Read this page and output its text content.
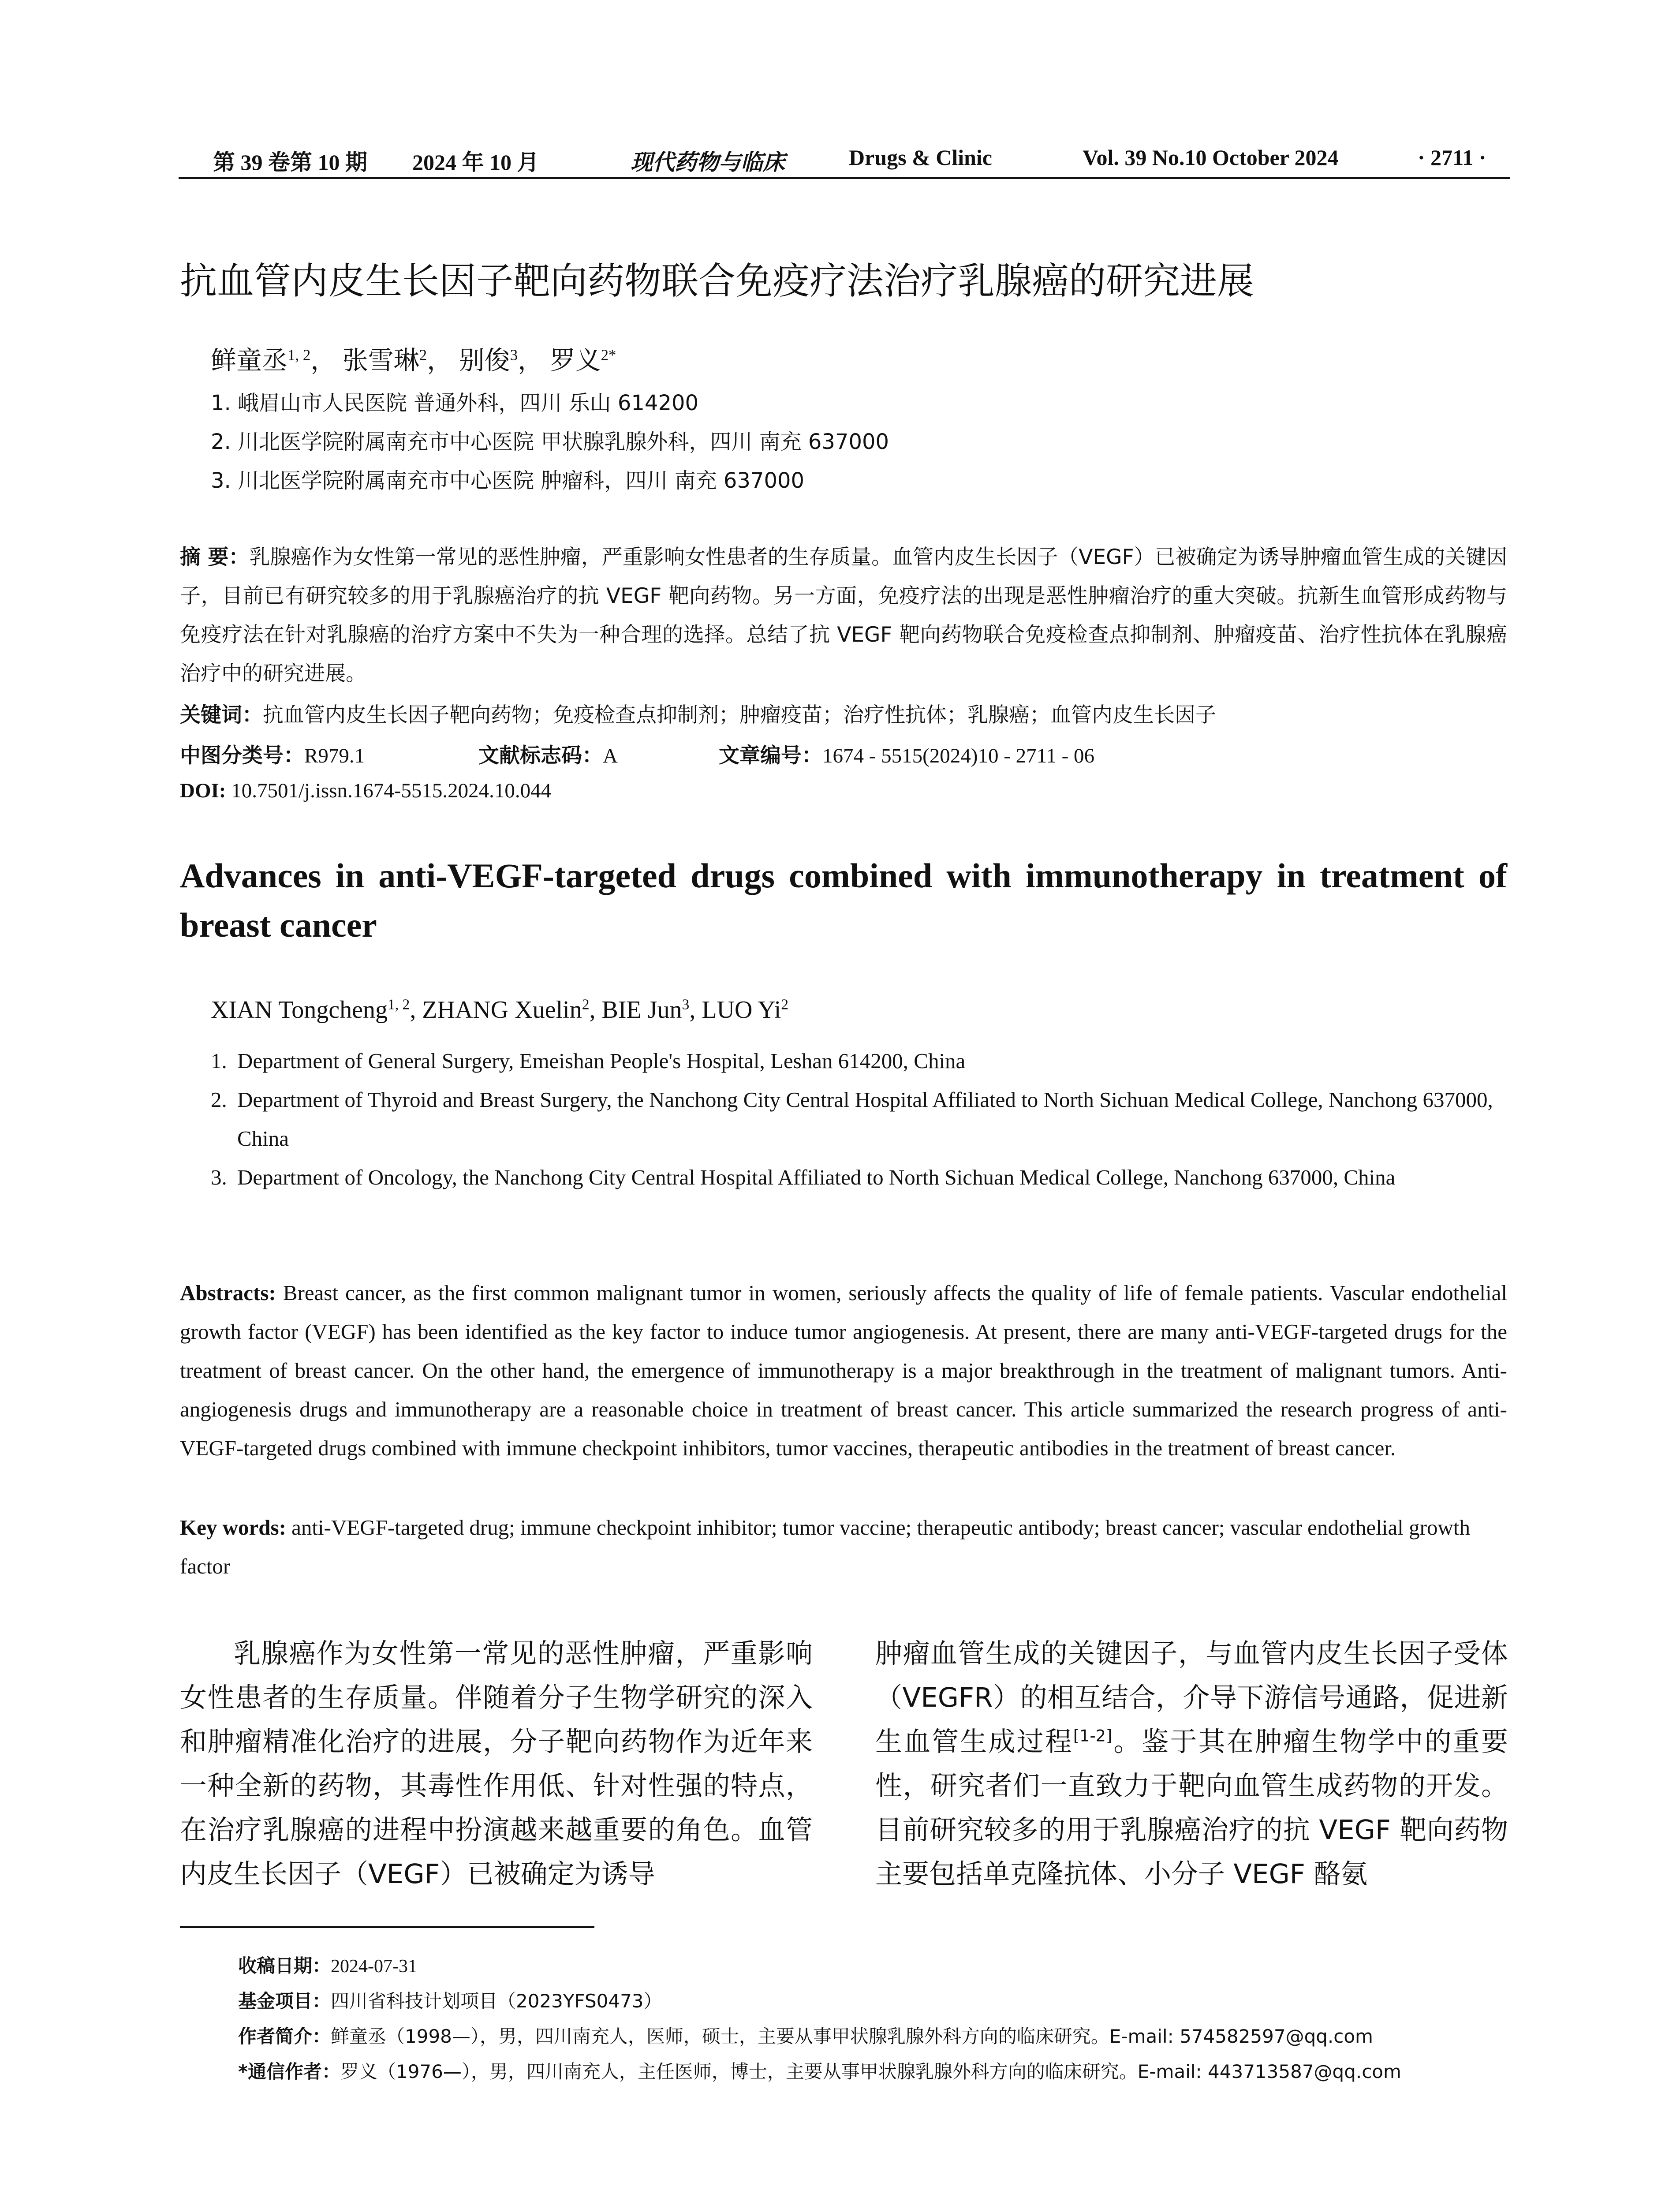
第 39 卷第 10 期 2024 年 10 月	现代药物与临床	Drugs & Clinic	Vol. 39 No.10 October 2024	· 2711 ·
抗血管内皮生长因子靶向药物联合免疫疗法治疗乳腺癌的研究进展
鲜童丞$^{1, 2}$， 张雪琳$^2$， 别俊$^3$， 罗义$^{2*}$
1. 峨眉山市人民医院 普通外科，四川 乐山 614200
2. 川北医学院附属南充市中心医院 甲状腺乳腺外科，四川 南充 637000
3. 川北医学院附属南充市中心医院 肿瘤科，四川 南充 637000
摘 要：乳腺癌作为女性第一常见的恶性肿瘤，严重影响女性患者的生存质量。血管内皮生长因子（VEGF）已被确定为诱导肿瘤血管生成的关键因子，目前已有研究较多的用于乳腺癌治疗的抗 VEGF 靶向药物。另一方面，免疫疗法的出现是恶性肿瘤治疗的重大突破。抗新生血管形成药物与免疫疗法在针对乳腺癌的治疗方案中不失为一种合理的选择。总结了抗 VEGF 靶向药物联合免疫检查点抑制剂、肿瘤疫苗、治疗性抗体在乳腺癌治疗中的研究进展。
关键词：抗血管内皮生长因子靶向药物；免疫检查点抑制剂；肿瘤疫苗；治疗性抗体；乳腺癌；血管内皮生长因子
中图分类号：R979.1	文献标志码：A	文章编号：1674 - 5515(2024)10 - 2711 - 06
DOI: 10.7501/j.issn.1674-5515.2024.10.044
Advances in anti-VEGF-targeted drugs combined with immunotherapy in treatment of breast cancer
XIAN Tongcheng$^{1, 2}$, ZHANG Xuelin$^2$, BIE Jun$^3$, LUO Yi$^2$
1. Department of General Surgery, Emeishan People's Hospital, Leshan 614200, China
2. Department of Thyroid and Breast Surgery, the Nanchong City Central Hospital Affiliated to North Sichuan Medical College, Nanchong 637000, China
3. Department of Oncology, the Nanchong City Central Hospital Affiliated to North Sichuan Medical College, Nanchong 637000, China
Abstracts: Breast cancer, as the first common malignant tumor in women, seriously affects the quality of life of female patients. Vascular endothelial growth factor (VEGF) has been identified as the key factor to induce tumor angiogenesis. At present, there are many anti-VEGF-targeted drugs for the treatment of breast cancer. On the other hand, the emergence of immunotherapy is a major breakthrough in the treatment of malignant tumors. Anti-angiogenesis drugs and immunotherapy are a reasonable choice in treatment of breast cancer. This article summarized the research progress of anti-VEGF-targeted drugs combined with immune checkpoint inhibitors, tumor vaccines, therapeutic antibodies in the treatment of breast cancer.
Key words: anti-VEGF-targeted drug; immune checkpoint inhibitor; tumor vaccine; therapeutic antibody; breast cancer; vascular endothelial growth factor
乳腺癌作为女性第一常见的恶性肿瘤，严重影响女性患者的生存质量。伴随着分子生物学研究的深入和肿瘤精准化治疗的进展，分子靶向药物作为近年来一种全新的药物，其毒性作用低、针对性强的特点，在治疗乳腺癌的进程中扮演越来越重要的角色。血管内皮生长因子（VEGF）已被确定为诱导
肿瘤血管生成的关键因子，与血管内皮生长因子受体（VEGFR）的相互结合，介导下游信号通路，促进新生血管生成过程[1-2]。鉴于其在肿瘤生物学中的重要性，研究者们一直致力于靶向血管生成药物的开发。目前研究较多的用于乳腺癌治疗的抗 VEGF 靶向药物主要包括单克隆抗体、小分子 VEGF 酪氨
收稿日期：2024-07-31
基金项目：四川省科技计划项目（2023YFS0473）
作者简介：鲜童丞（1998—），男，四川南充人，医师，硕士，主要从事甲状腺乳腺外科方向的临床研究。E-mail: 574582597@qq.com
*通信作者：罗义（1976—），男，四川南充人，主任医师，博士，主要从事甲状腺乳腺外科方向的临床研究。E-mail: 443713587@qq.com
